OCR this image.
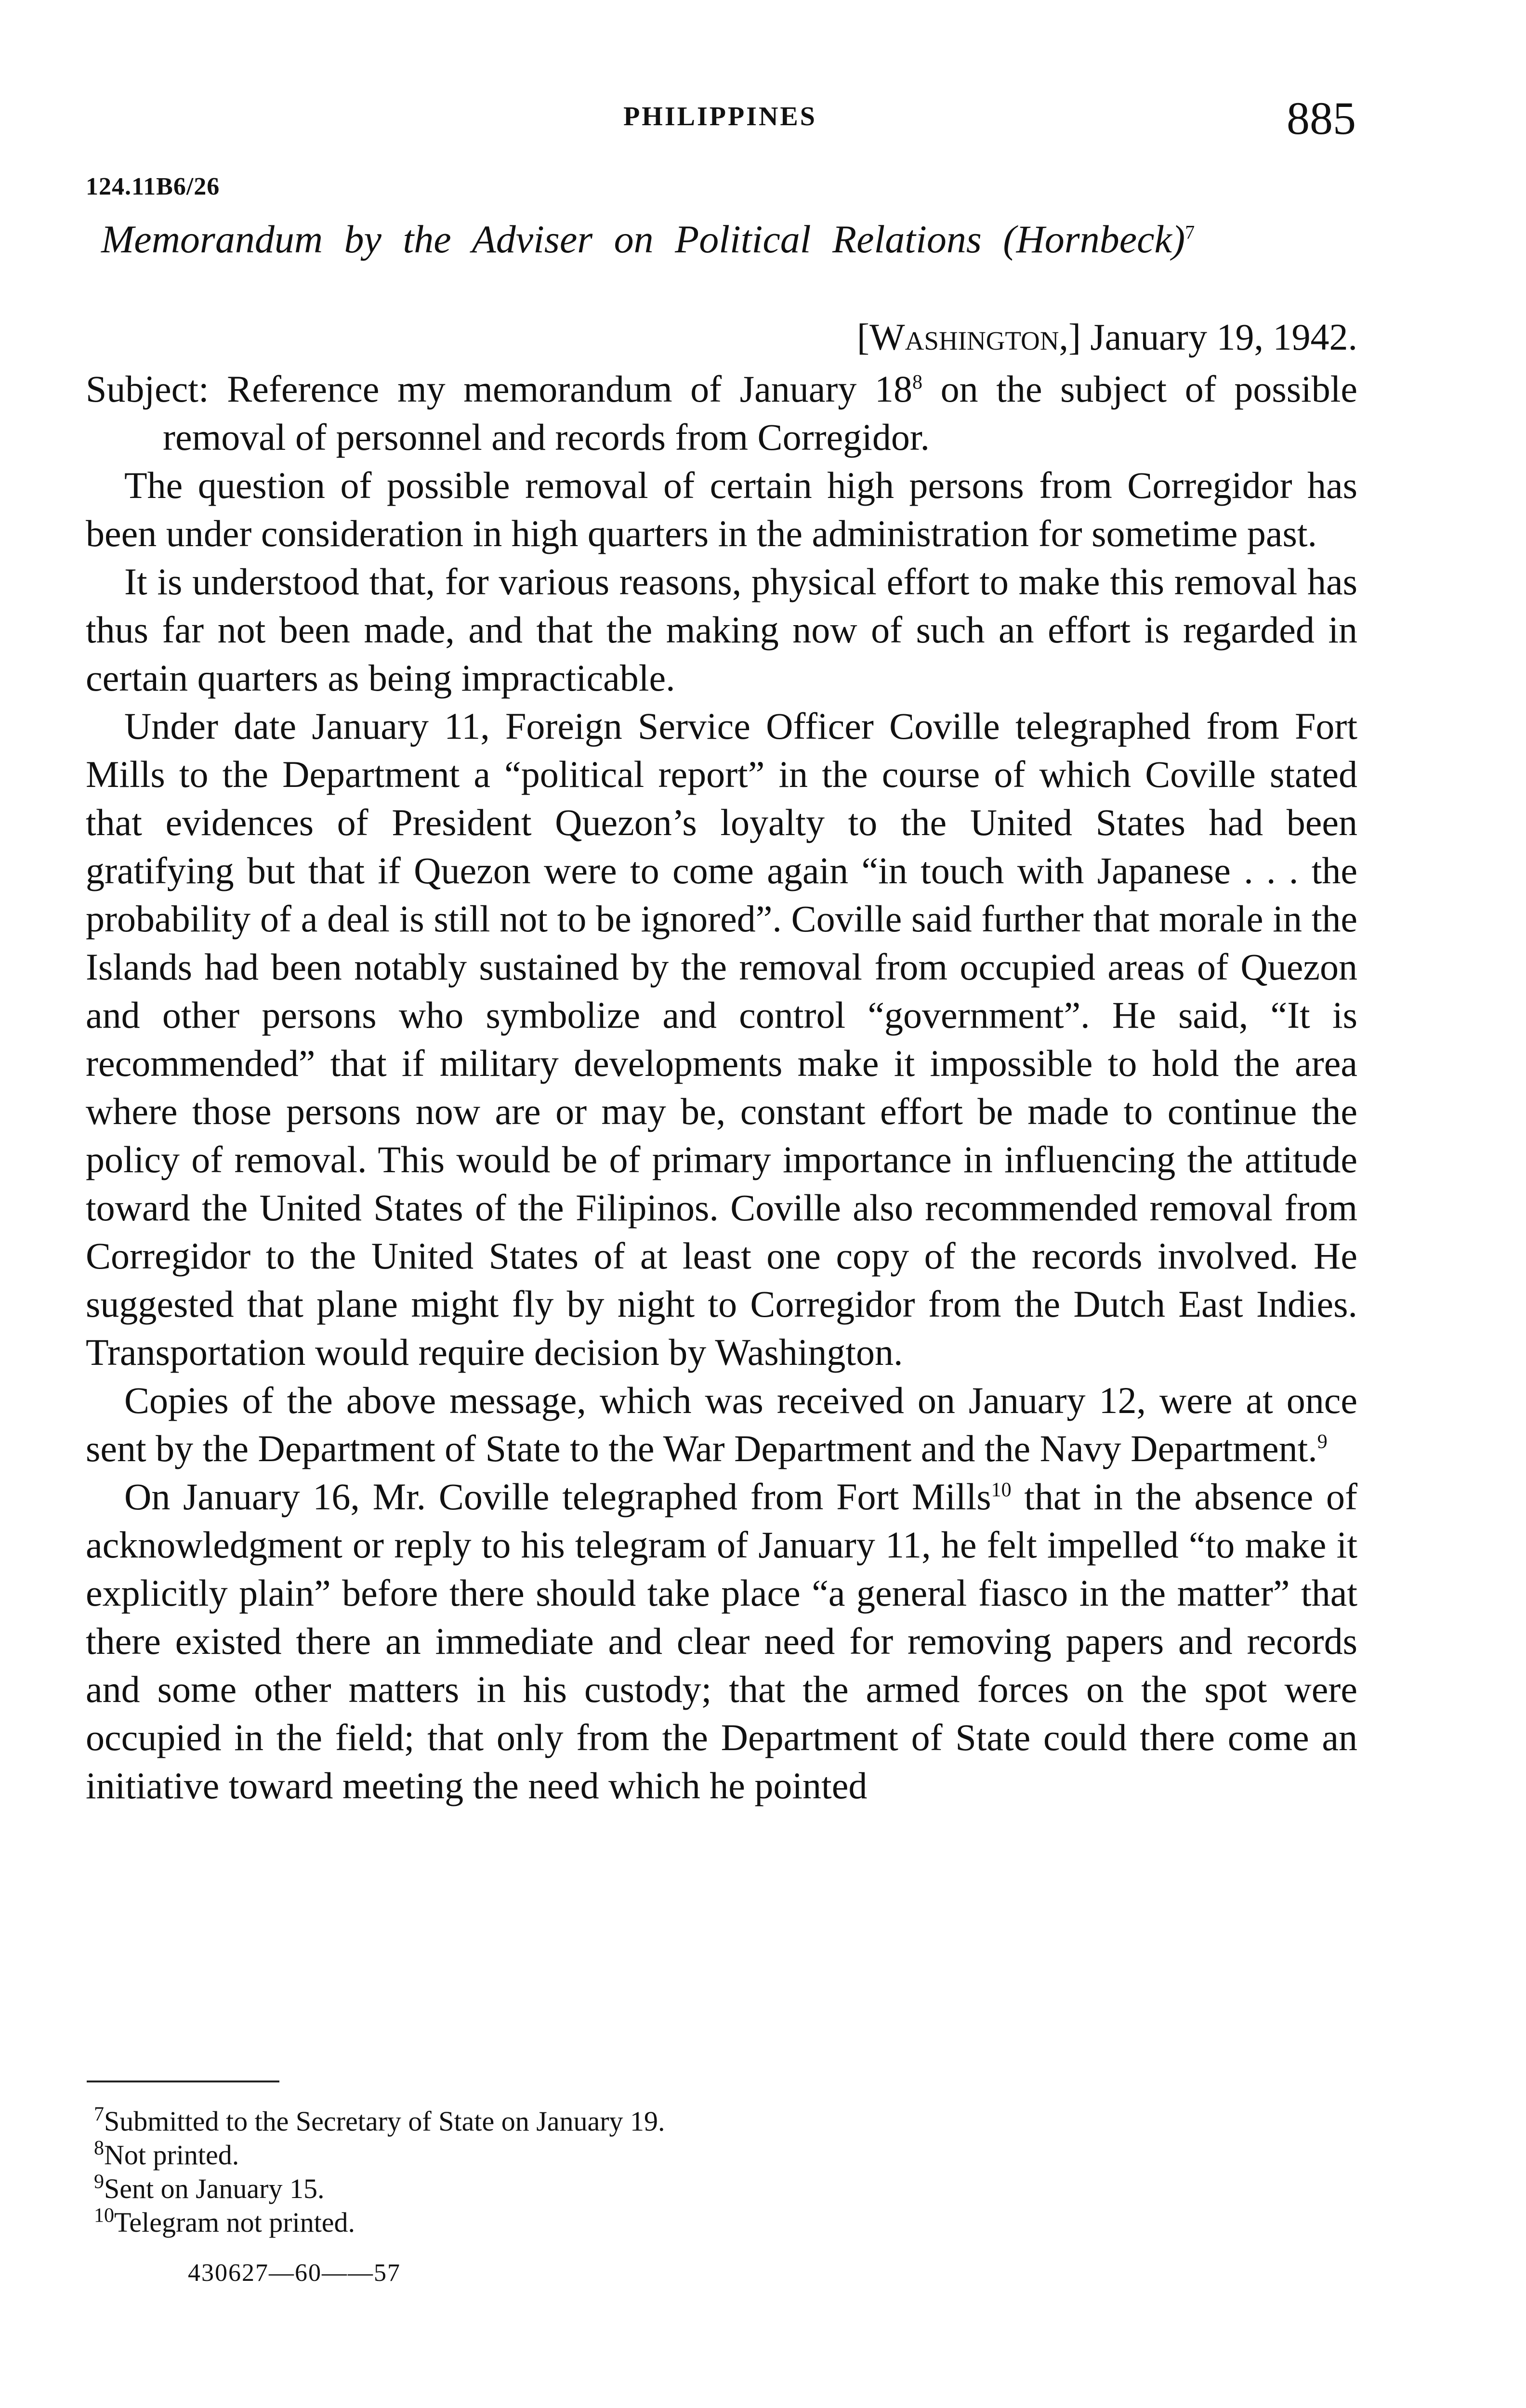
PHILIPPINES	885
124.11B6/26
Memorandum by the Adviser on Political Relations (Hornbeck)$^7$

[Washington,] January 19, 1942.

Subject: Reference my memorandum of January $18^8$ on the subject of possible removal of personnel and records from Corregidor.

The question of possible removal of certain high persons from Corregidor has been under consideration in high quarters in the administration for sometime past.

It is understood that, for various reasons, physical effort to make this removal has thus far not been made, and that the making now of such an effort is regarded in certain quarters as being impracticable.

Under date January 11, Foreign Service Officer Coville telegraphed from Fort Mills to the Department a “political report” in the course of which Coville stated that evidences of President Quezon’s loyalty to the United States had been gratifying but that if Quezon were to come again “in touch with Japanese . . . the probability of a deal is still not to be ignored”. Coville said further that morale in the Islands had been notably sustained by the removal from occupied areas of Quezon and other persons who symbolize and control “government”. He said, “It is recommended” that if military developments make it impossible to hold the area where those persons now are or may be, constant effort be made to continue the policy of removal. This would be of primary importance in influencing the attitude toward the United States of the Filipinos. Coville also recommended removal from Corregidor to the United States of at least one copy of the records involved. He suggested that plane might fly by night to Corregidor from the Dutch East Indies. Transportation would require decision by Washington.

Copies of the above message, which was received on January 12, were at once sent by the Department of State to the War Department and the Navy Department.$^9$

On January 16, Mr. Coville telegraphed from Fort Mills$^{10}$ that in the absence of acknowledgment or reply to his telegram of January 11, he felt impelled “to make it explicitly plain” before there should take place “a general fiasco in the matter” that there existed there an immediate and clear need for removing papers and records and some other matters in his custody; that the armed forces on the spot were occupied in the field; that only from the Department of State could there come an initiative toward meeting the need which he pointed

$^7$Submitted to the Secretary of State on January 19.

$^8$Not printed.

$^9$Sent on January 15.

$^{10}$Telegram not printed.

430627—60——57
